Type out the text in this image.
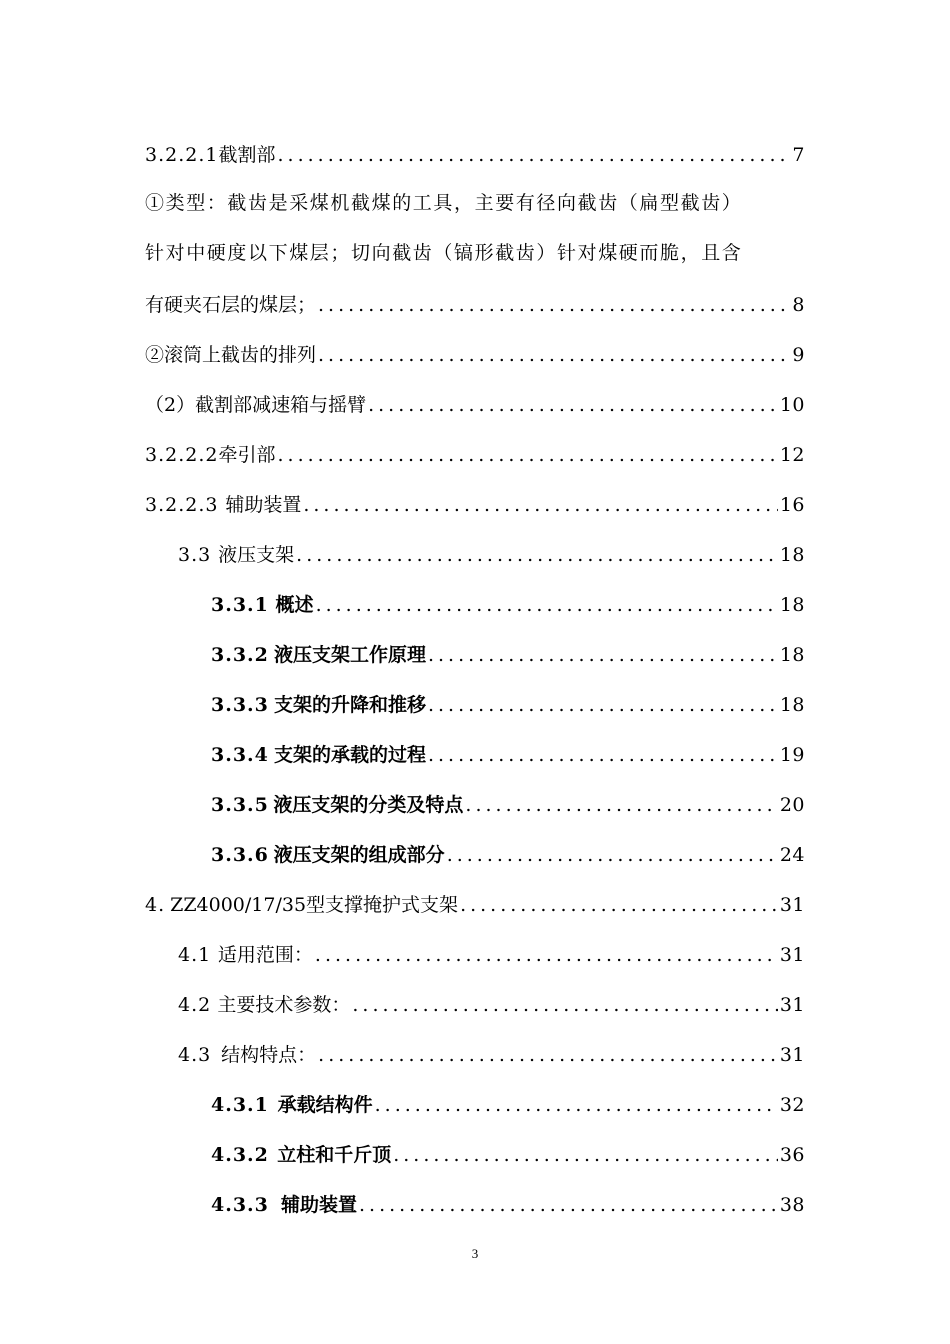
3.2.2.1 截割部 .....	7
①类型：截齿是采煤机截煤的工具，主要有径向截齿（扁型截齿）
针对中硬度以下煤层；切向截齿（镐形截齿）针对煤硬而脆，且含
有硬夹石层的煤层； .....	8
②滚筒上截齿的排列 .....	9
（2）截割部减速箱与摇臂 .....	10
3.2.2.2 牵引部 .....	12
3.2.2.3 辅助装置 .....	16
3.3 液压支架 .....	18
3.3.1 概述 .....	18
3.3.2 液压支架工作原理 .....	18
3.3.3 支架的升降和推移 .....	18
3.3.4 支架的承载的过程 .....	19
3.3.5 液压支架的分类及特点 .....	20
3.3.6 液压支架的组成部分 .....	24
4. ZZ4000/17/35型支撑掩护式支架 .....	31
4.1 适用范围： .....	31
4.2 主要技术参数： .....	31
4.3 结构特点： .....	31
4.3.1 承载结构件 .....	32
4.3.2 立柱和千斤顶 .....	36
4.3.3 辅助装置 .....	38
3
